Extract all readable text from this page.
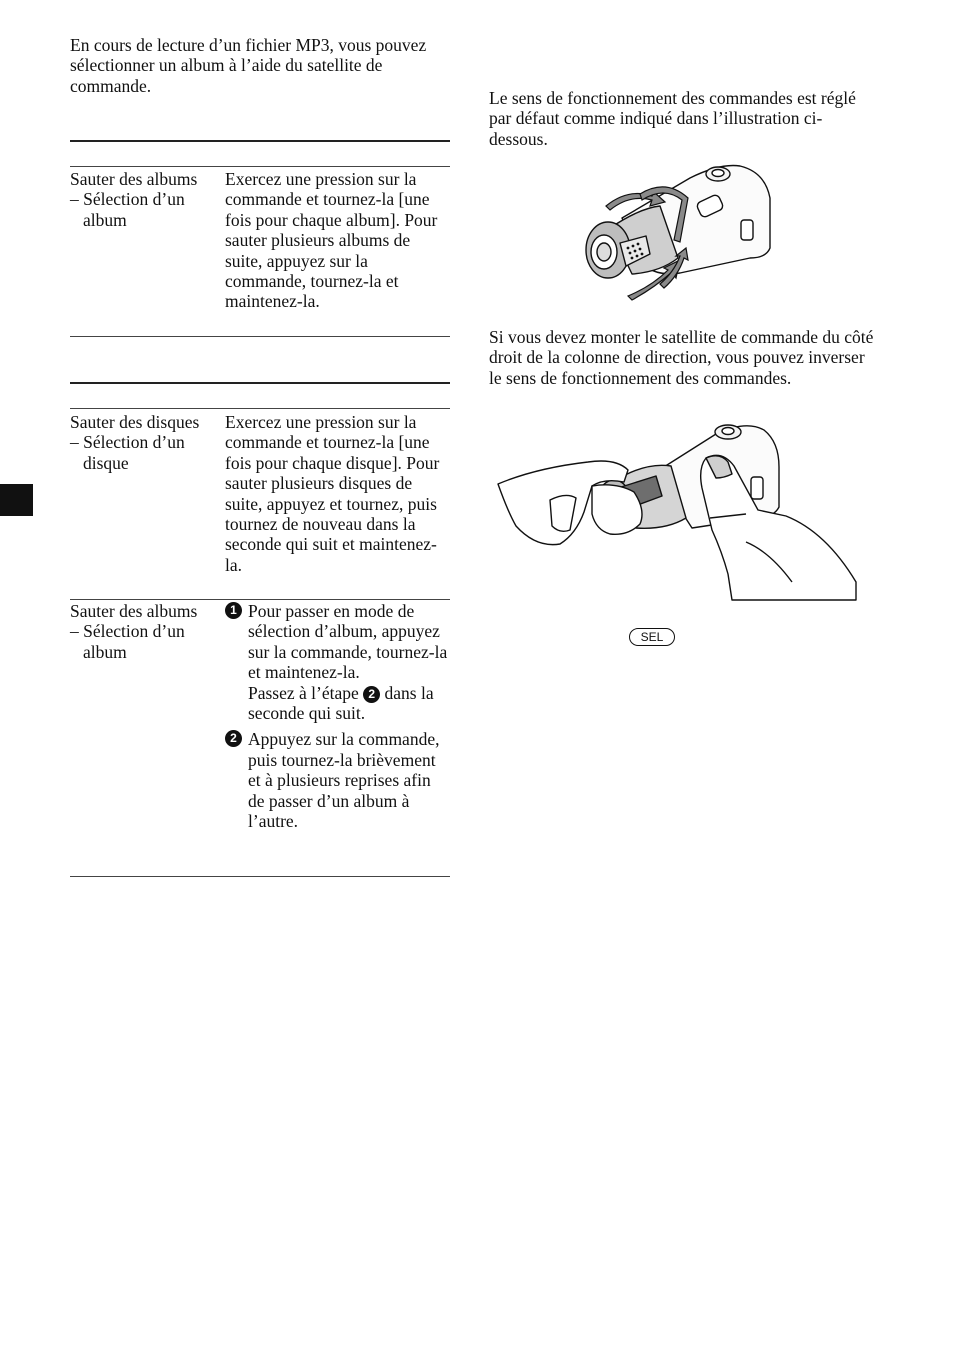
En cours de lecture d’un fichier MP3, vous pouvez sélectionner un album à l’aide du satellite de commande.

Sauter des albums
– Sélection d’un album
Exercez une pression sur la commande et tournez-la [une fois pour chaque album]. Pour sauter plusieurs albums de suite, appuyez sur la commande, tournez-la et maintenez-la.
Sauter des disques
– Sélection d’un disque
Exercez une pression sur la commande et tournez-la [une fois pour chaque disque]. Pour sauter plusieurs disques de suite, appuyez et tournez, puis tournez de nouveau dans la seconde qui suit et maintenez-la.
Sauter des albums
– Sélection d’un album
1 Pour passer en mode de sélection d’album, appuyez sur la commande, tournez-la et maintenez-la.
Passez à l’étape 2 dans la seconde qui suit.
2 Appuyez sur la commande, puis tournez-la brièvement et à plusieurs reprises afin de passer d’un album à l’autre.

Le sens de fonctionnement des commandes est réglé par défaut comme indiqué dans l’illustration ci-dessous.

Si vous devez monter le satellite de commande du côté droit de la colonne de direction, vous pouvez inverser le sens de fonctionnement des commandes.

SEL
